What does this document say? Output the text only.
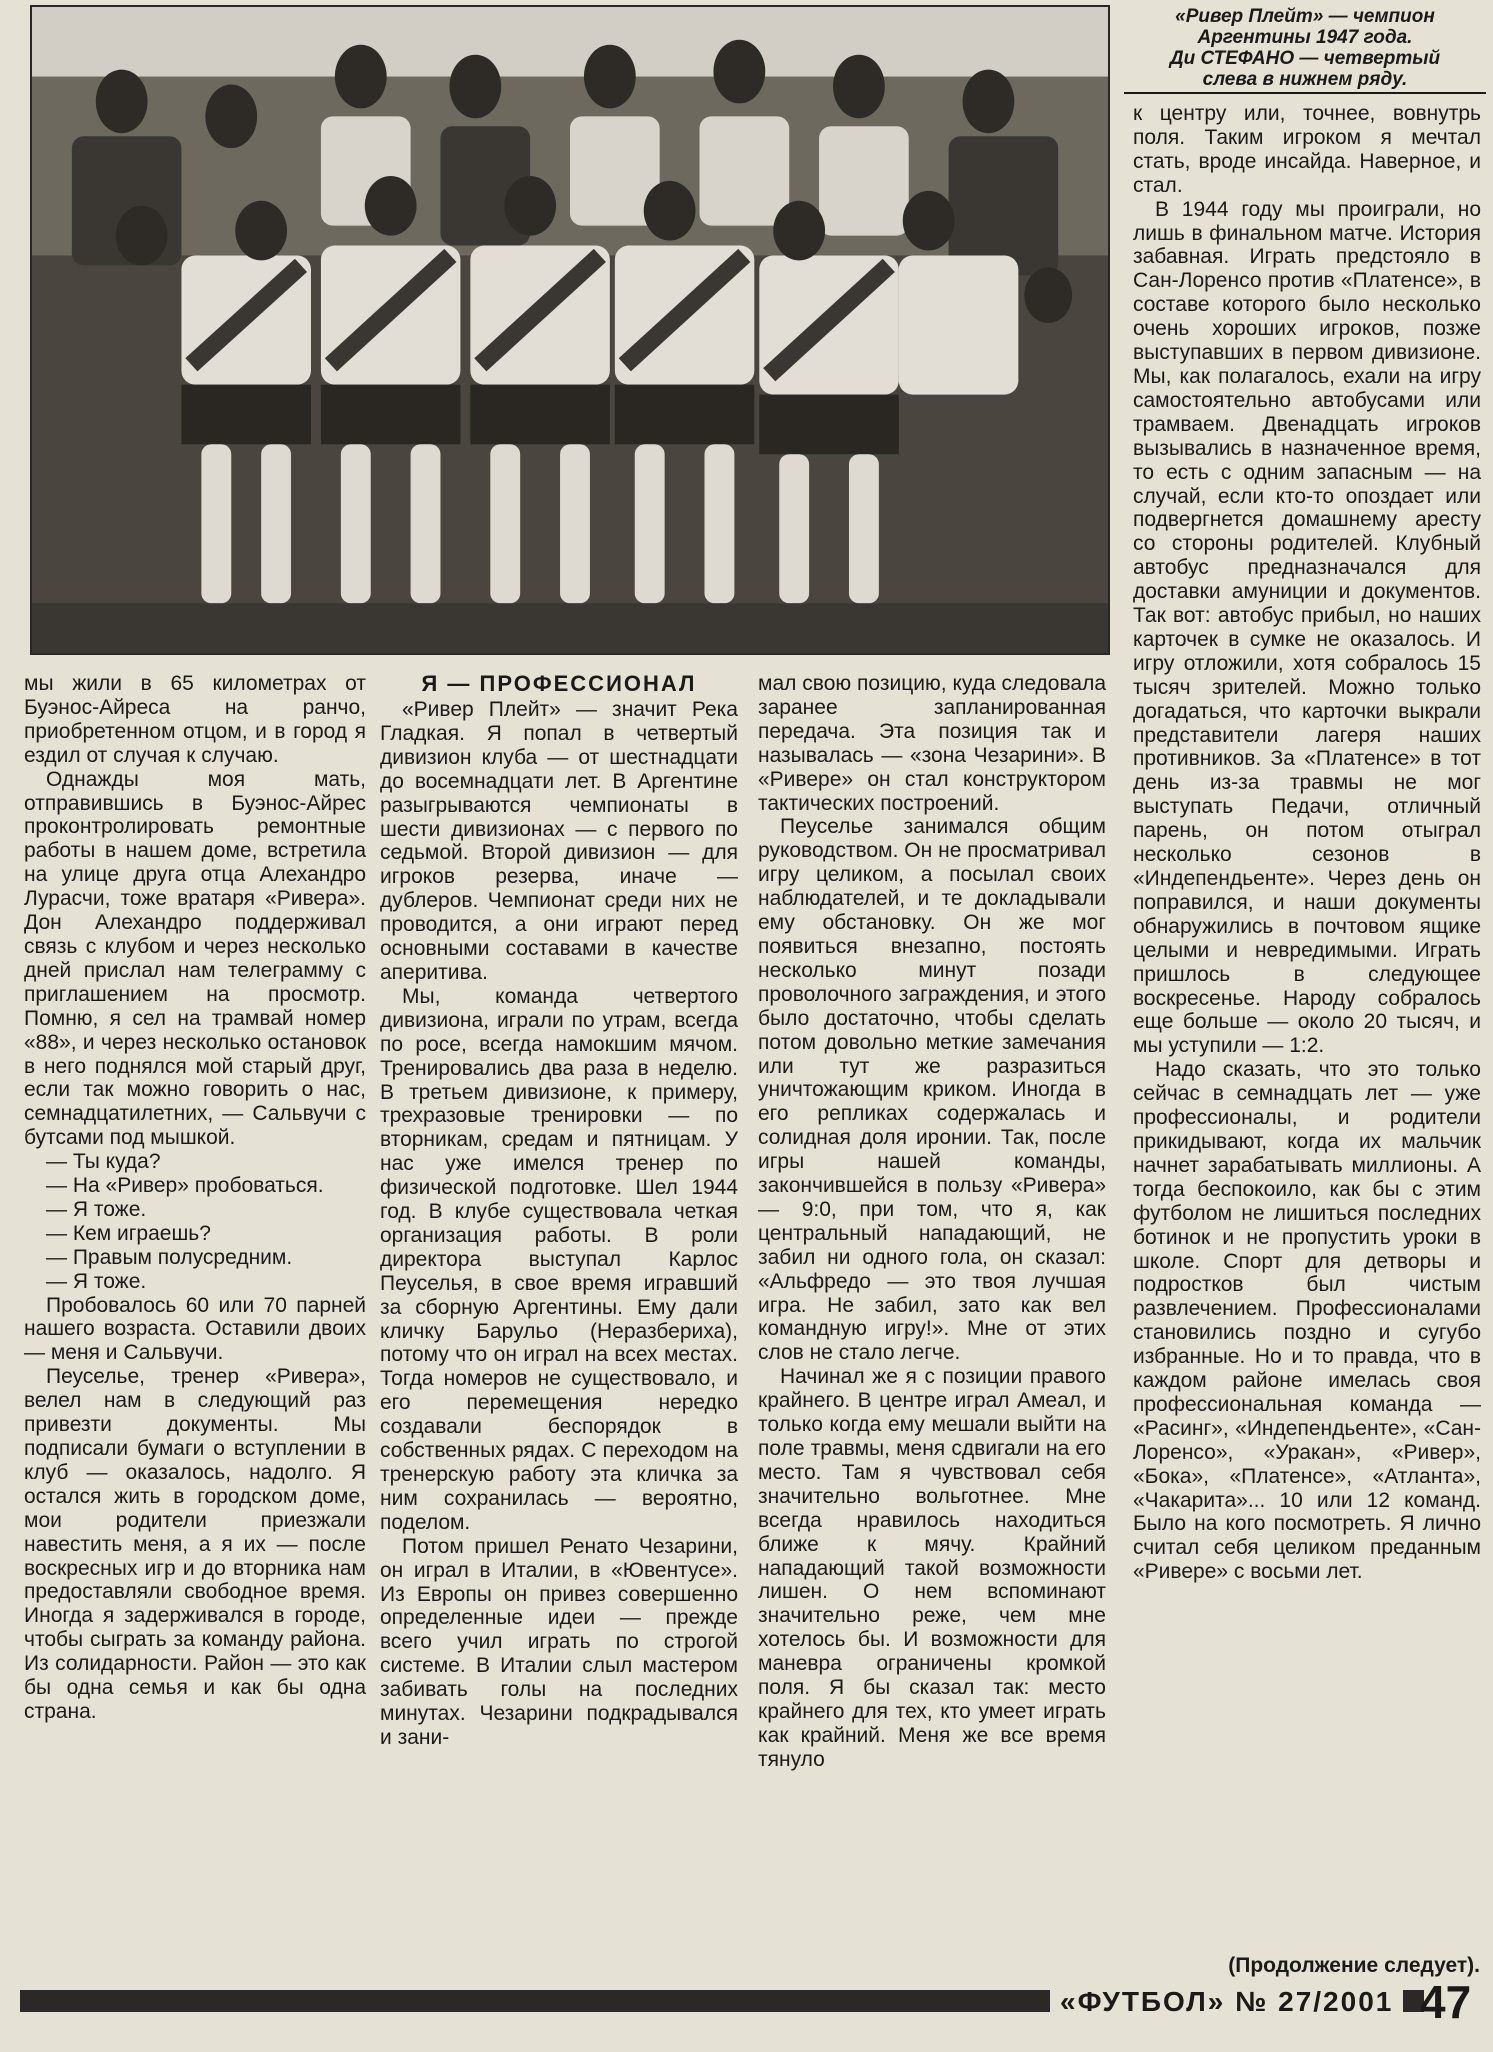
«Ривер Плейт» — чемпион
Аргентины 1947 года.
Ди СТЕФАНО — четвертый
слева в нижнем ряду.

мы жили в 65 километрах от Буэнос-Айреса на ранчо, приобретенном отцом, и в город я ездил от случая к случаю.

Однажды моя мать, отправившись в Буэнос-Айрес проконтролировать ремонтные работы в нашем доме, встретила на улице друга отца Алехандро Лурасчи, тоже вратаря «Ривера». Дон Алехандро поддерживал связь с клубом и через несколько дней прислал нам телеграмму с приглашением на просмотр. Помню, я сел на трамвай номер «88», и через несколько остановок в него поднялся мой старый друг, если так можно говорить о нас, семнадцатилетних, — Сальвучи с бутсами под мышкой.

— Ты куда?

— На «Ривер» пробоваться.

— Я тоже.

— Кем играешь?

— Правым полусредним.

— Я тоже.

Пробовалось 60 или 70 парней нашего возраста. Оставили двоих — меня и Сальвучи.

Пеусельe, тренер «Ривера», велел нам в следующий раз привезти документы. Мы подписали бумаги о вступлении в клуб — оказалось, надолго. Я остался жить в городском доме, мои родители приезжали навестить меня, а я их — после воскресных игр и до вторника нам предоставляли свободное время. Иногда я задерживался в городе, чтобы сыграть за команду района. Из солидарности. Район — это как бы одна семья и как бы одна страна.

Я — ПРОФЕССИОНАЛ

«Ривер Плейт» — значит Река Гладкая. Я попал в четвертый дивизион клуба — от шестнадцати до восемнадцати лет. В Аргентине разыгрываются чемпионаты в шести дивизионах — с первого по седьмой. Второй дивизион — для игроков резерва, иначе — дублеров. Чемпионат среди них не проводится, а они играют перед основными составами в качестве аперитива.

Мы, команда четвертого дивизиона, играли по утрам, всегда по росе, всегда намокшим мячом. Тренировались два раза в неделю. В третьем дивизионе, к примеру, трехразовые тренировки — по вторникам, средам и пятницам. У нас уже имелся тренер по физической подготовке. Шел 1944 год. В клубе существовала четкая организация работы. В роли директора выступал Карлос Пеуселья, в свое время игравший за сборную Аргентины. Ему дали кличку Барульо (Неразбериха), потому что он играл на всех местах. Тогда номеров не существовало, и его перемещения нередко создавали беспорядок в собственных рядах. С переходом на тренерскую работу эта кличка за ним сохранилась — вероятно, поделом.

Потом пришел Ренато Чезарини, он играл в Италии, в «Ювентусе». Из Европы он привез совершенно определенные идеи — прежде всего учил играть по строгой системе. В Италии слыл мастером забивать голы на последних минутах. Чезарини подкрадывался и зани-

мал свою позицию, куда следовала заранее запланированная передача. Эта позиция так и называлась — «зона Чезарини». В «Ривере» он стал конструктором тактических построений.

Пеуселье занимался общим руководством. Он не просматривал игру целиком, а посылал своих наблюдателей, и те докладывали ему обстановку. Он же мог появиться внезапно, постоять несколько минут позади проволочного заграждения, и этого было достаточно, чтобы сделать потом довольно меткие замечания или тут же разразиться уничтожающим криком. Иногда в его репликах содержалась и солидная доля иронии. Так, после игры нашей команды, закончившейся в пользу «Ривера» — 9:0, при том, что я, как центральный нападающий, не забил ни одного гола, он сказал: «Альфредо — это твоя лучшая игра. Не забил, зато как вел командную игру!». Мне от этих слов не стало легче.

Начинал же я с позиции правого крайнего. В центре играл Амеал, и только когда ему мешали выйти на поле травмы, меня сдвигали на его место. Там я чувствовал себя значительно вольготнее. Мне всегда нравилось находиться ближе к мячу. Крайний нападающий такой возможности лишен. О нем вспоминают значительно реже, чем мне хотелось бы. И возможности для маневра ограничены кромкой поля. Я бы сказал так: место крайнего для тех, кто умеет играть как крайний. Меня же все время тянуло

к центру или, точнее, вовнутрь поля. Таким игроком я мечтал стать, вроде инсайда. Наверное, и стал.

В 1944 году мы проиграли, но лишь в финальном матче. История забавная. Играть предстояло в Сан-Лоренсо против «Платенсе», в составе которого было несколько очень хороших игроков, позже выступавших в первом дивизионе. Мы, как полагалось, ехали на игру самостоятельно автобусами или трамваем. Двенадцать игроков вызывались в назначенное время, то есть с одним запасным — на случай, если кто-то опоздает или подвергнется домашнему аресту со стороны родителей. Клубный автобус предназначался для доставки амуниции и документов. Так вот: автобус прибыл, но наших карточек в сумке не оказалось. И игру отложили, хотя собралось 15 тысяч зрителей. Можно только догадаться, что карточки выкрали представители лагеря наших противников. За «Платенсе» в тот день из-за травмы не мог выступать Педачи, отличный парень, он потом отыграл несколько сезонов в «Индепендьенте». Через день он поправился, и наши документы обнаружились в почтовом ящике целыми и невредимыми. Играть пришлось в следующее воскресенье. Народу собралось еще больше — около 20 тысяч, и мы уступили — 1:2.

Надо сказать, что это только сейчас в семнадцать лет — уже профессионалы, и родители прикидывают, когда их мальчик начнет зарабатывать миллионы. А тогда беспокоило, как бы с этим футболом не лишиться последних ботинок и не пропустить уроки в школе. Спорт для детворы и подростков был чистым развлечением. Профессионалами становились поздно и сугубо избранные. Но и то правда, что в каждом районе имелась своя профессиональная команда — «Расинг», «Индепендьенте», «Сан-Лоренсо», «Уракан», «Ривер», «Бока», «Платенсе», «Атланта», «Чакарита»... 10 или 12 команд. Было на кого посмотреть. Я лично считал себя целиком преданным «Риверe» с восьми лет.

(Продолжение следует).
«ФУТБОЛ» № 27/2001 47
